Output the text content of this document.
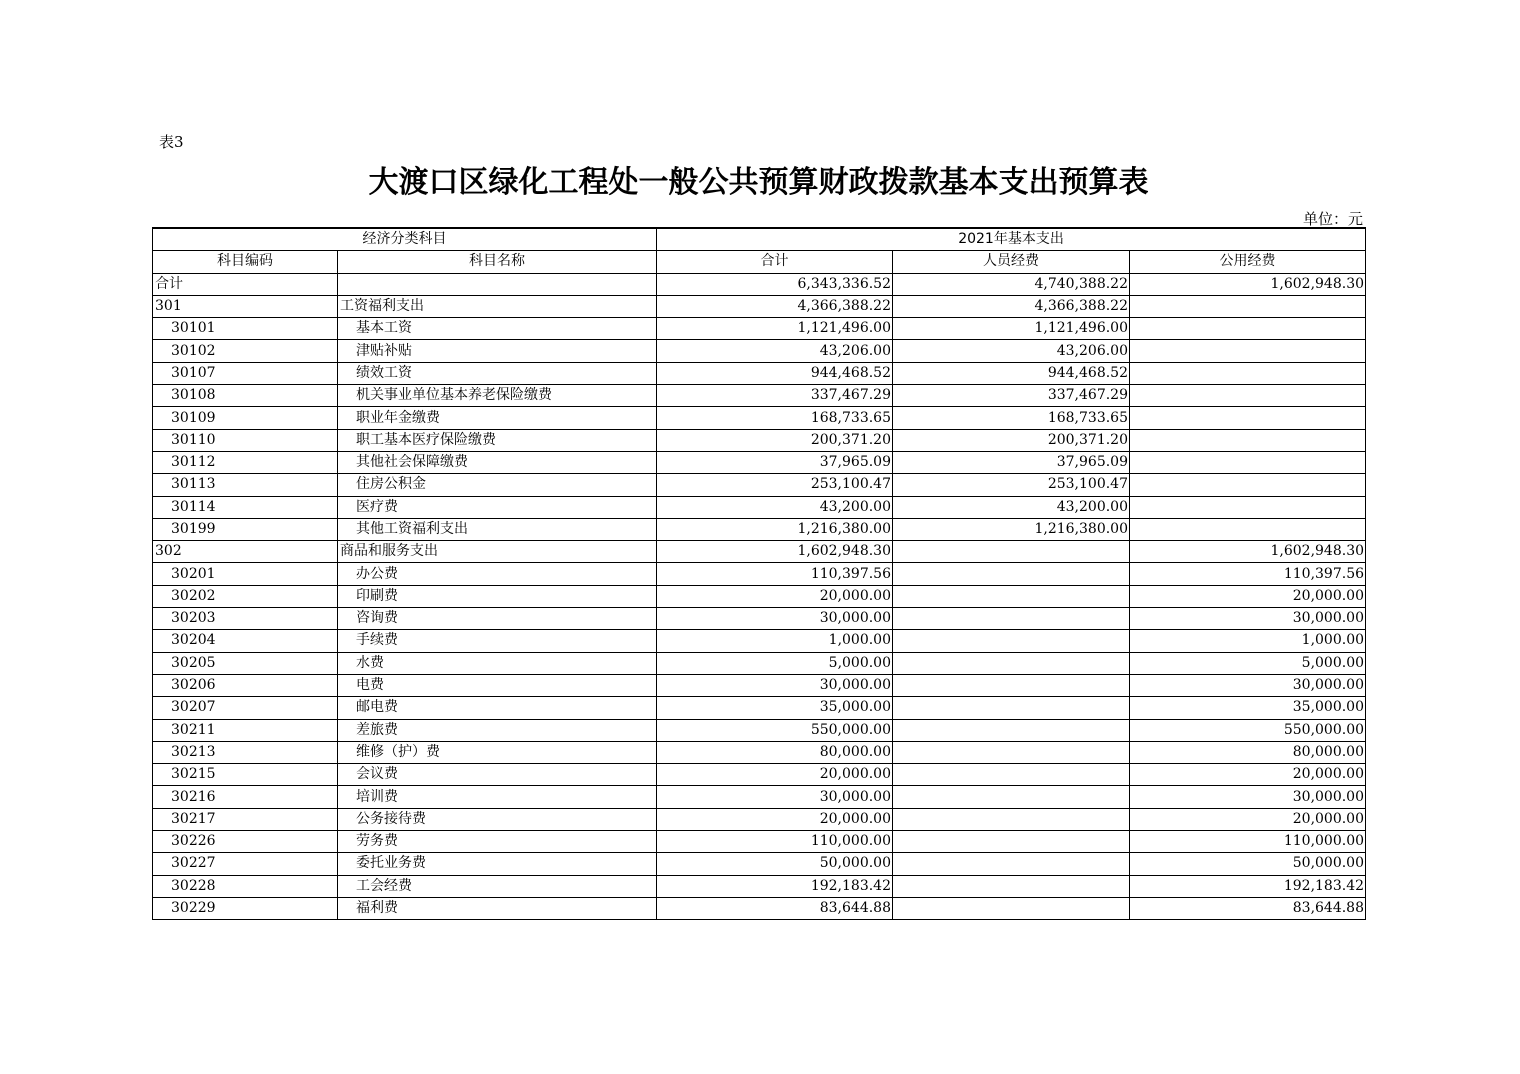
表3
大渡口区绿化工程处一般公共预算财政拨款基本支出预算表
单位：元
经济分类科目		2021年基本支出		
科目编码	科目名称	合计	人员经费	公用经费
合计		6,343,336.52	4,740,388.22	1,602,948.30
301	工资福利支出	4,366,388.22	4,366,388.22	
30101	基本工资	1,121,496.00	1,121,496.00	
30102	津贴补贴	43,206.00	43,206.00	
30107	绩效工资	944,468.52	944,468.52	
30108	机关事业单位基本养老保险缴费	337,467.29	337,467.29	
30109	职业年金缴费	168,733.65	168,733.65	
30110	职工基本医疗保险缴费	200,371.20	200,371.20	
30112	其他社会保障缴费	37,965.09	37,965.09	
30113	住房公积金	253,100.47	253,100.47	
30114	医疗费	43,200.00	43,200.00	
30199	其他工资福利支出	1,216,380.00	1,216,380.00	
302	商品和服务支出	1,602,948.30		1,602,948.30
30201	办公费	110,397.56		110,397.56
30202	印刷费	20,000.00		20,000.00
30203	咨询费	30,000.00		30,000.00
30204	手续费	1,000.00		1,000.00
30205	水费	5,000.00		5,000.00
30206	电费	30,000.00		30,000.00
30207	邮电费	35,000.00		35,000.00
30211	差旅费	550,000.00		550,000.00
30213	维修（护）费	80,000.00		80,000.00
30215	会议费	20,000.00		20,000.00
30216	培训费	30,000.00		30,000.00
30217	公务接待费	20,000.00		20,000.00
30226	劳务费	110,000.00		110,000.00
30227	委托业务费	50,000.00		50,000.00
30228	工会经费	192,183.42		192,183.42
30229	福利费	83,644.88		83,644.88
